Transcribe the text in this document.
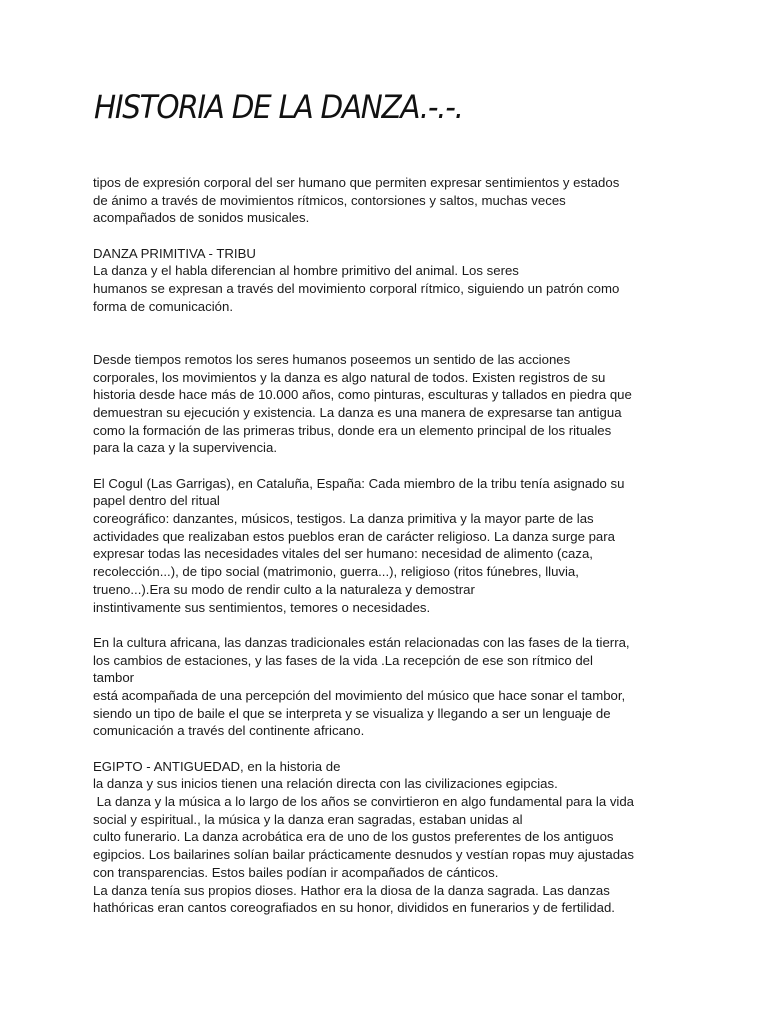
HISTORIA DE LA DANZA.-.-.
tipos de expresión corporal del ser humano que permiten expresar sentimientos y estados
de ánimo a través de movimientos rítmicos, contorsiones y saltos, muchas veces
acompañados de sonidos musicales.
DANZA PRIMITIVA - TRIBU
La danza y el habla diferencian al hombre primitivo del animal. Los seres
humanos se expresan a través del movimiento corporal rítmico, siguiendo un patrón como
forma de comunicación.
Desde tiempos remotos los seres humanos poseemos un sentido de las acciones
corporales, los movimientos y la danza es algo natural de todos. Existen registros de su
historia desde hace más de 10.000 años, como pinturas, esculturas y tallados en piedra que
demuestran su ejecución y existencia. La danza es una manera de expresarse tan antigua
como la formación de las primeras tribus, donde era un elemento principal de los rituales
para la caza y la supervivencia.
El Cogul (Las Garrigas), en Cataluña, España: Cada miembro de la tribu tenía asignado su
papel dentro del ritual
coreográfico: danzantes, músicos, testigos. La danza primitiva y la mayor parte de las
actividades que realizaban estos pueblos eran de carácter religioso. La danza surge para
expresar todas las necesidades vitales del ser humano: necesidad de alimento (caza,
recolección...), de tipo social (matrimonio, guerra...), religioso (ritos fúnebres, lluvia,
trueno...).Era su modo de rendir culto a la naturaleza y demostrar
instintivamente sus sentimientos, temores o necesidades.
En la cultura africana, las danzas tradicionales están relacionadas con las fases de la tierra,
los cambios de estaciones, y las fases de la vida .La recepción de ese son rítmico del
tambor
está acompañada de una percepción del movimiento del músico que hace sonar el tambor,
siendo un tipo de baile el que se interpreta y se visualiza y llegando a ser un lenguaje de
comunicación a través del continente africano.
EGIPTO - ANTIGUEDAD, en la historia de
la danza y sus inicios tienen una relación directa con las civilizaciones egipcias.
La danza y la música a lo largo de los años se convirtieron en algo fundamental para la vida
social y espiritual., la música y la danza eran sagradas, estaban unidas al
culto funerario. La danza acrobática era de uno de los gustos preferentes de los antiguos
egipcios. Los bailarines solían bailar prácticamente desnudos y vestían ropas muy ajustadas
con transparencias. Estos bailes podían ir acompañados de cánticos.
La danza tenía sus propios dioses. Hathor era la diosa de la danza sagrada. Las danzas
hathóricas eran cantos coreografiados en su honor, divididos en funerarios y de fertilidad.
